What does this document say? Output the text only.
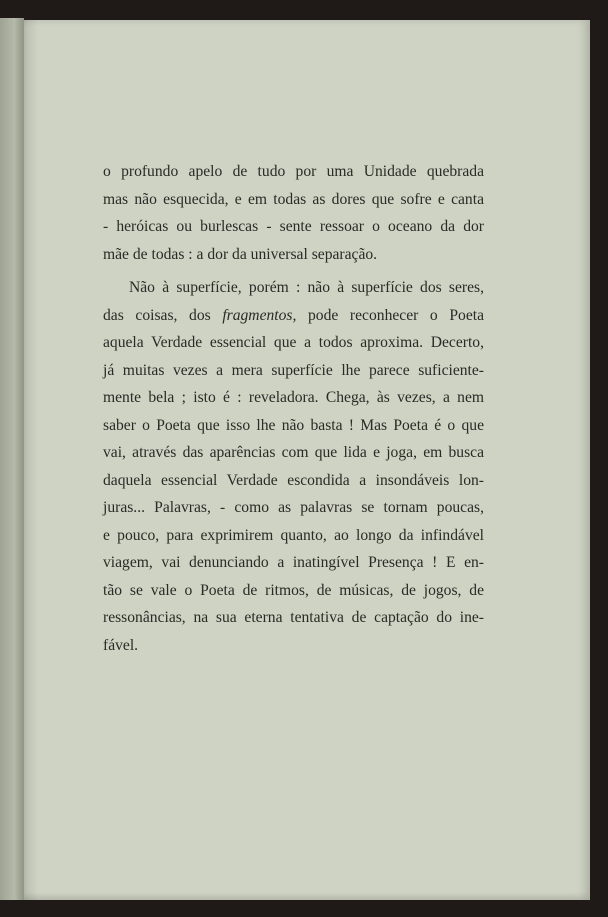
o profundo apelo de tudo por uma Unidade quebrada
mas não esquecida, e em todas as dores que sofre e canta
- heróicas ou burlescas - sente ressoar o oceano da dor
mãe de todas : a dor da universal separação.
Não à superfície, porém : não à superfície dos seres,
das coisas, dos fragmentos, pode reconhecer o Poeta
aquela Verdade essencial que a todos aproxima. Decerto,
já muitas vezes a mera superfície lhe parece suficiente-
mente bela ; isto é : reveladora. Chega, às vezes, a nem
saber o Poeta que isso lhe não basta ! Mas Poeta é o que
vai, através das aparências com que lida e joga, em busca
daquela essencial Verdade escondida a insondáveis lon-
juras... Palavras, - como as palavras se tornam poucas,
e pouco, para exprimirem quanto, ao longo da infindável
viagem, vai denunciando a inatingível Presença ! E en-
tão se vale o Poeta de ritmos, de músicas, de jogos, de
ressonâncias, na sua eterna tentativa de captação do ine-
fável.
